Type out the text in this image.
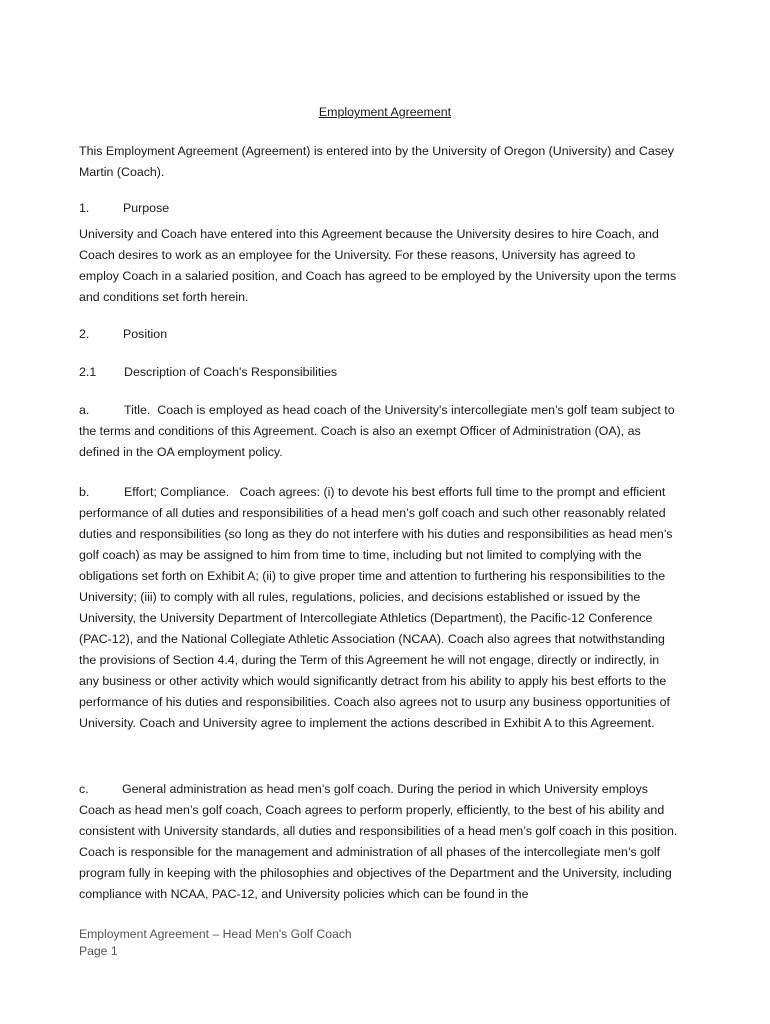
Employment Agreement
This Employment Agreement (Agreement) is entered into by the University of Oregon (University) and Casey Martin (Coach).
1.	Purpose
University and Coach have entered into this Agreement because the University desires to hire Coach, and Coach desires to work as an employee for the University. For these reasons, University has agreed to employ Coach in a salaried position, and Coach has agreed to be employed by the University upon the terms and conditions set forth herein.
2.	Position
2.1 Description of Coach's Responsibilities
a.	Title. Coach is employed as head coach of the University's intercollegiate men’s golf team subject to the terms and conditions of this Agreement. Coach is also an exempt Officer of Administration (OA), as defined in the OA employment policy.
b.	Effort; Compliance. Coach agrees: (i) to devote his best efforts full time to the prompt and efficient performance of all duties and responsibilities of a head men’s golf coach and such other reasonably related duties and responsibilities (so long as they do not interfere with his duties and responsibilities as head men’s golf coach) as may be assigned to him from time to time, including but not limited to complying with the obligations set forth on Exhibit A; (ii) to give proper time and attention to furthering his responsibilities to the University; (iii) to comply with all rules, regulations, policies, and decisions established or issued by the University, the University Department of Intercollegiate Athletics (Department), the Pacific-12 Conference (PAC-12), and the National Collegiate Athletic Association (NCAA). Coach also agrees that notwithstanding the provisions of Section 4.4, during the Term of this Agreement he will not engage, directly or indirectly, in any business or other activity which would significantly detract from his ability to apply his best efforts to the performance of his duties and responsibilities. Coach also agrees not to usurp any business opportunities of University. Coach and University agree to implement the actions described in Exhibit A to this Agreement.
c.	General administration as head men’s golf coach. During the period in which University employs Coach as head men’s golf coach, Coach agrees to perform properly, efficiently, to the best of his ability and consistent with University standards, all duties and responsibilities of a head men’s golf coach in this position. Coach is responsible for the management and administration of all phases of the intercollegiate men’s golf program fully in keeping with the philosophies and objectives of the Department and the University, including compliance with NCAA, PAC-12, and University policies which can be found in the
Employment Agreement – Head Men's Golf Coach
Page 1
